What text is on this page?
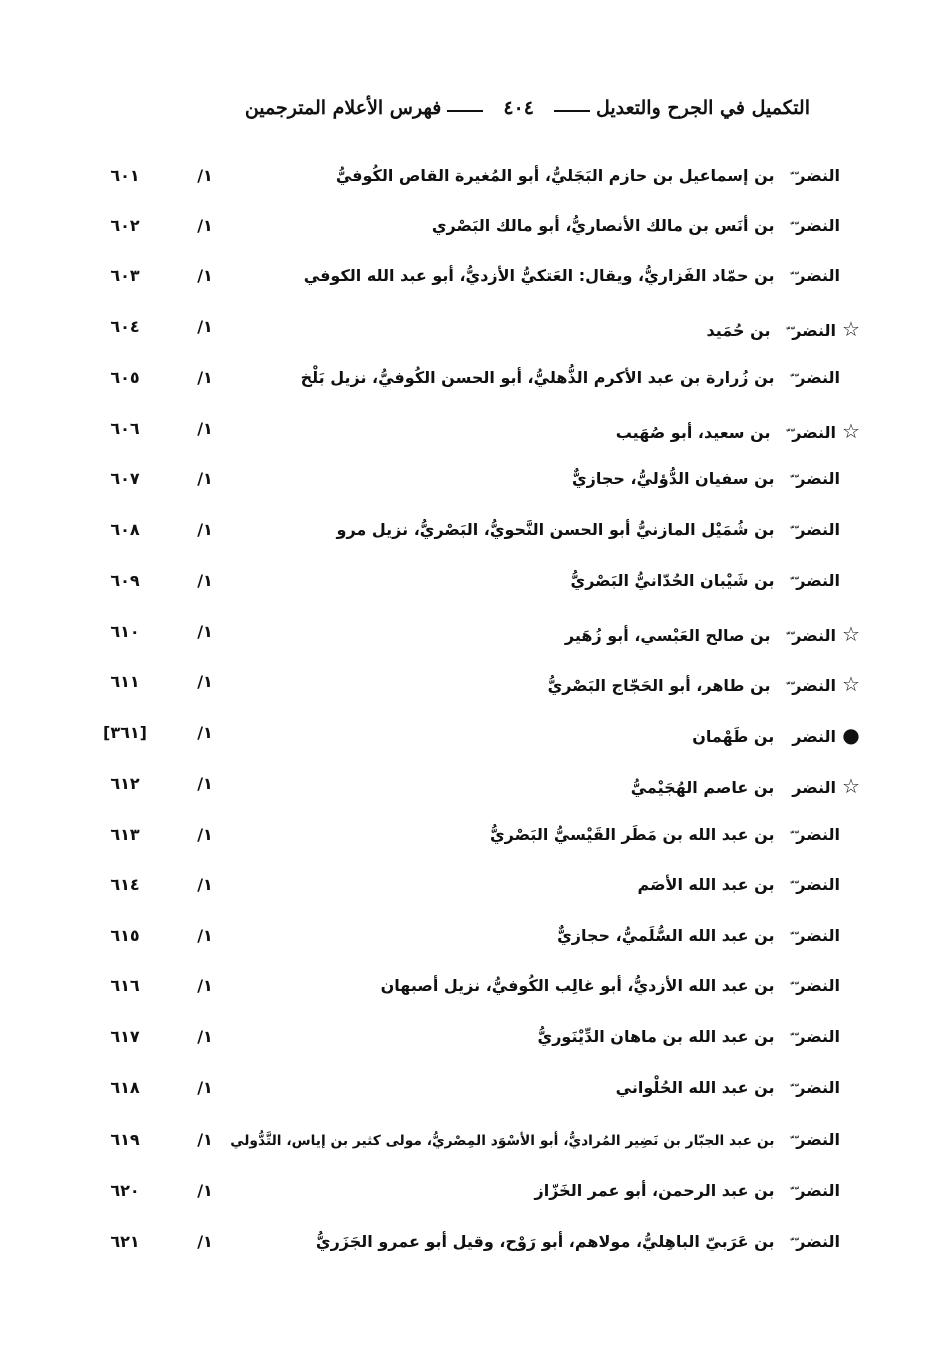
التكميل في الجرح والتعديل
٤٠٤
فهرس الأعلام المترجمين
النضر
ّ ّ
بن إسماعيل بن حازم البَجَليُّ، أبو المُغيرة القاص الكُوفيُّ
١/
٦٠١
النضر
ّ ّ
بن أنَس بن مالك الأنصاريُّ، أبو مالك البَصْري
١/
٦٠٢
النضر
ّ ّ
بن حمّاد الفَزاريُّ، ويقال: العَتكيُّ الأزديُّ، أبو عبد الله الكوفي
١/
٦٠٣
☆
النضر
ّ ّ
بن حُمَيد
١/
٦٠٤
النضر
ّ ّ
بن زُرارة بن عبد الأكرم الذُّهليُّ، أبو الحسن الكُوفيُّ، نزيل بَلْخ
١/
٦٠٥
☆
النضر
ّ ّ
بن سعيد، أبو صُهَيب
١/
٦٠٦
النضر
ّ ّ
بن سفيان الدُّؤليُّ، حجازيٌّ
١/
٦٠٧
النضر
ّ ّ
بن شُمَيْل المازنيُّ أبو الحسن النَّحويُّ، البَصْريُّ، نزيل مرو
١/
٦٠٨
النضر
ّ ّ
بن شَيْبان الحُدّانيُّ البَصْريُّ
١/
٦٠٩
☆
النضر
ّ ّ
بن صالح العَبْسي، أبو زُهَير
١/
٦١٠
☆
النضر
ّ ّ
بن طاهر، أبو الحَجّاج البَصْريُّ
١/
٦١١
●
النضر
بن طَهْمان
١/
[٣٦١]
☆
النضر
بن عاصم الهُجَيْميُّ
١/
٦١٢
النضر
ّ ّ
بن عبد الله بن مَطَر القَيْسيُّ البَصْريُّ
١/
٦١٣
النضر
ّ ّ
بن عبد الله الأصَم
١/
٦١٤
النضر
ّ ّ
بن عبد الله السُّلَميُّ، حجازيٌّ
١/
٦١٥
النضر
ّ ّ
بن عبد الله الأزديُّ، أبو غالِب الكُوفيُّ، نزيل أصبهان
١/
٦١٦
النضر
ّ ّ
بن عبد الله بن ماهان الدِّيْنَوريُّ
١/
٦١٧
النضر
ّ ّ
بن عبد الله الحُلْواني
١/
٦١٨
النضر
ّ ّ
بن عبد الجبّار بن نَضِير المُراديُّ، أبو الأسْوَد المِصْريُّ، مولى كثير بن إياس، التَّدُّولي
١/
٦١٩
النضر
ّ ّ
بن عبد الرحمن، أبو عمر الخَزّاز
١/
٦٢٠
النضر
ّ ّ
بن عَرَبيّ الباهِليُّ، مولاهم، أبو رَوْح، وقيل أبو عمرو الجَزَريُّ
١/
٦٢١
